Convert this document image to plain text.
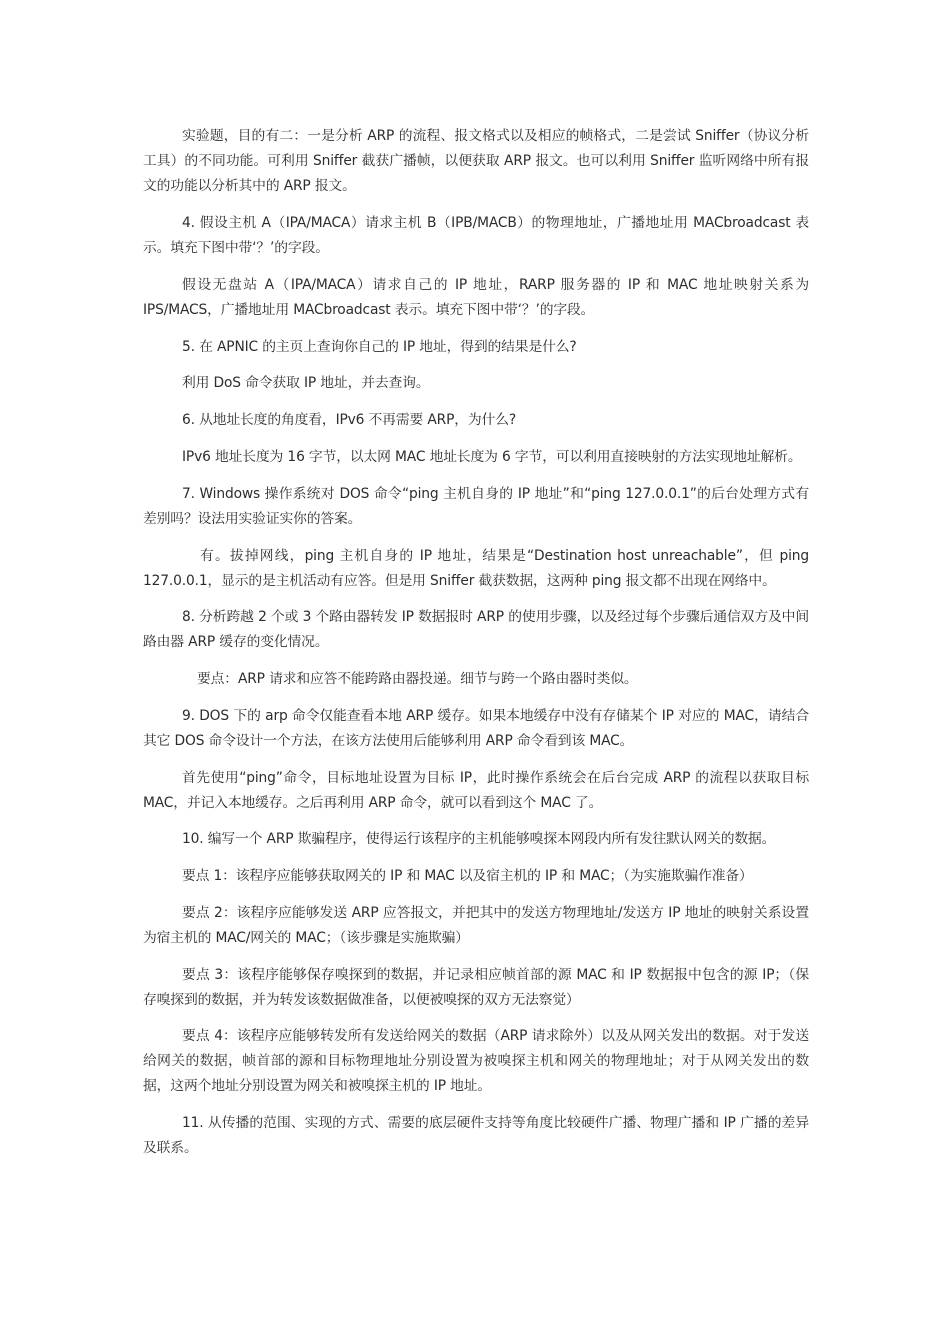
实验题，目的有二：一是分析 ARP 的流程、报文格式以及相应的帧格式，二是尝试 Sniffer（协议分析工具）的不同功能。可利用 Sniffer 截获广播帧，以便获取 ARP 报文。也可以利用 Sniffer 监听网络中所有报文的功能以分析其中的 ARP 报文。

4. 假设主机 A（IPA/MACA）请求主机 B（IPB/MACB）的物理地址，广播地址用 MACbroadcast 表示。填充下图中带‘？’的字段。

假设无盘站 A（IPA/MACA）请求自己的 IP 地址，RARP 服务器的 IP 和 MAC 地址映射关系为 IPS/MACS，广播地址用 MACbroadcast 表示。填充下图中带‘？’的字段。

5. 在 APNIC 的主页上查询你自己的 IP 地址，得到的结果是什么?

利用 DoS 命令获取 IP 地址，并去查询。

6. 从地址长度的角度看，IPv6 不再需要 ARP，为什么?

IPv6 地址长度为 16 字节，以太网 MAC 地址长度为 6 字节，可以利用直接映射的方法实现地址解析。

7. Windows 操作系统对 DOS 命令“ping 主机自身的 IP 地址”和“ping 127.0.0.1”的后台处理方式有差别吗？设法用实验证实你的答案。

有。拔掉网线，ping 主机自身的 IP 地址，结果是“Destination host unreachable”，但 ping 127.0.0.1，显示的是主机活动有应答。但是用 Sniffer 截获数据，这两种 ping 报文都不出现在网络中。

8. 分析跨越 2 个或 3 个路由器转发 IP 数据报时 ARP 的使用步骤，以及经过每个步骤后通信双方及中间路由器 ARP 缓存的变化情况。

要点：ARP 请求和应答不能跨路由器投递。细节与跨一个路由器时类似。

9. DOS 下的 arp 命令仅能查看本地 ARP 缓存。如果本地缓存中没有存储某个 IP 对应的 MAC，请结合其它 DOS 命令设计一个方法，在该方法使用后能够利用 ARP 命令看到该 MAC。

首先使用“ping”命令，目标地址设置为目标 IP，此时操作系统会在后台完成 ARP 的流程以获取目标 MAC，并记入本地缓存。之后再利用 ARP 命令，就可以看到这个 MAC 了。

10. 编写一个 ARP 欺骗程序，使得运行该程序的主机能够嗅探本网段内所有发往默认网关的数据。

要点 1：该程序应能够获取网关的 IP 和 MAC 以及宿主机的 IP 和 MAC；（为实施欺骗作准备）

要点 2：该程序应能够发送 ARP 应答报文，并把其中的发送方物理地址/发送方 IP 地址的映射关系设置为宿主机的 MAC/网关的 MAC；（该步骤是实施欺骗）

要点 3：该程序能够保存嗅探到的数据，并记录相应帧首部的源 MAC 和 IP 数据报中包含的源 IP；（保存嗅探到的数据，并为转发该数据做准备，以便被嗅探的双方无法察觉）

要点 4：该程序应能够转发所有发送给网关的数据（ARP 请求除外）以及从网关发出的数据。对于发送给网关的数据，帧首部的源和目标物理地址分别设置为被嗅探主机和网关的物理地址；对于从网关发出的数据，这两个地址分别设置为网关和被嗅探主机的 IP 地址。

11. 从传播的范围、实现的方式、需要的底层硬件支持等角度比较硬件广播、物理广播和 IP 广播的差异及联系。
